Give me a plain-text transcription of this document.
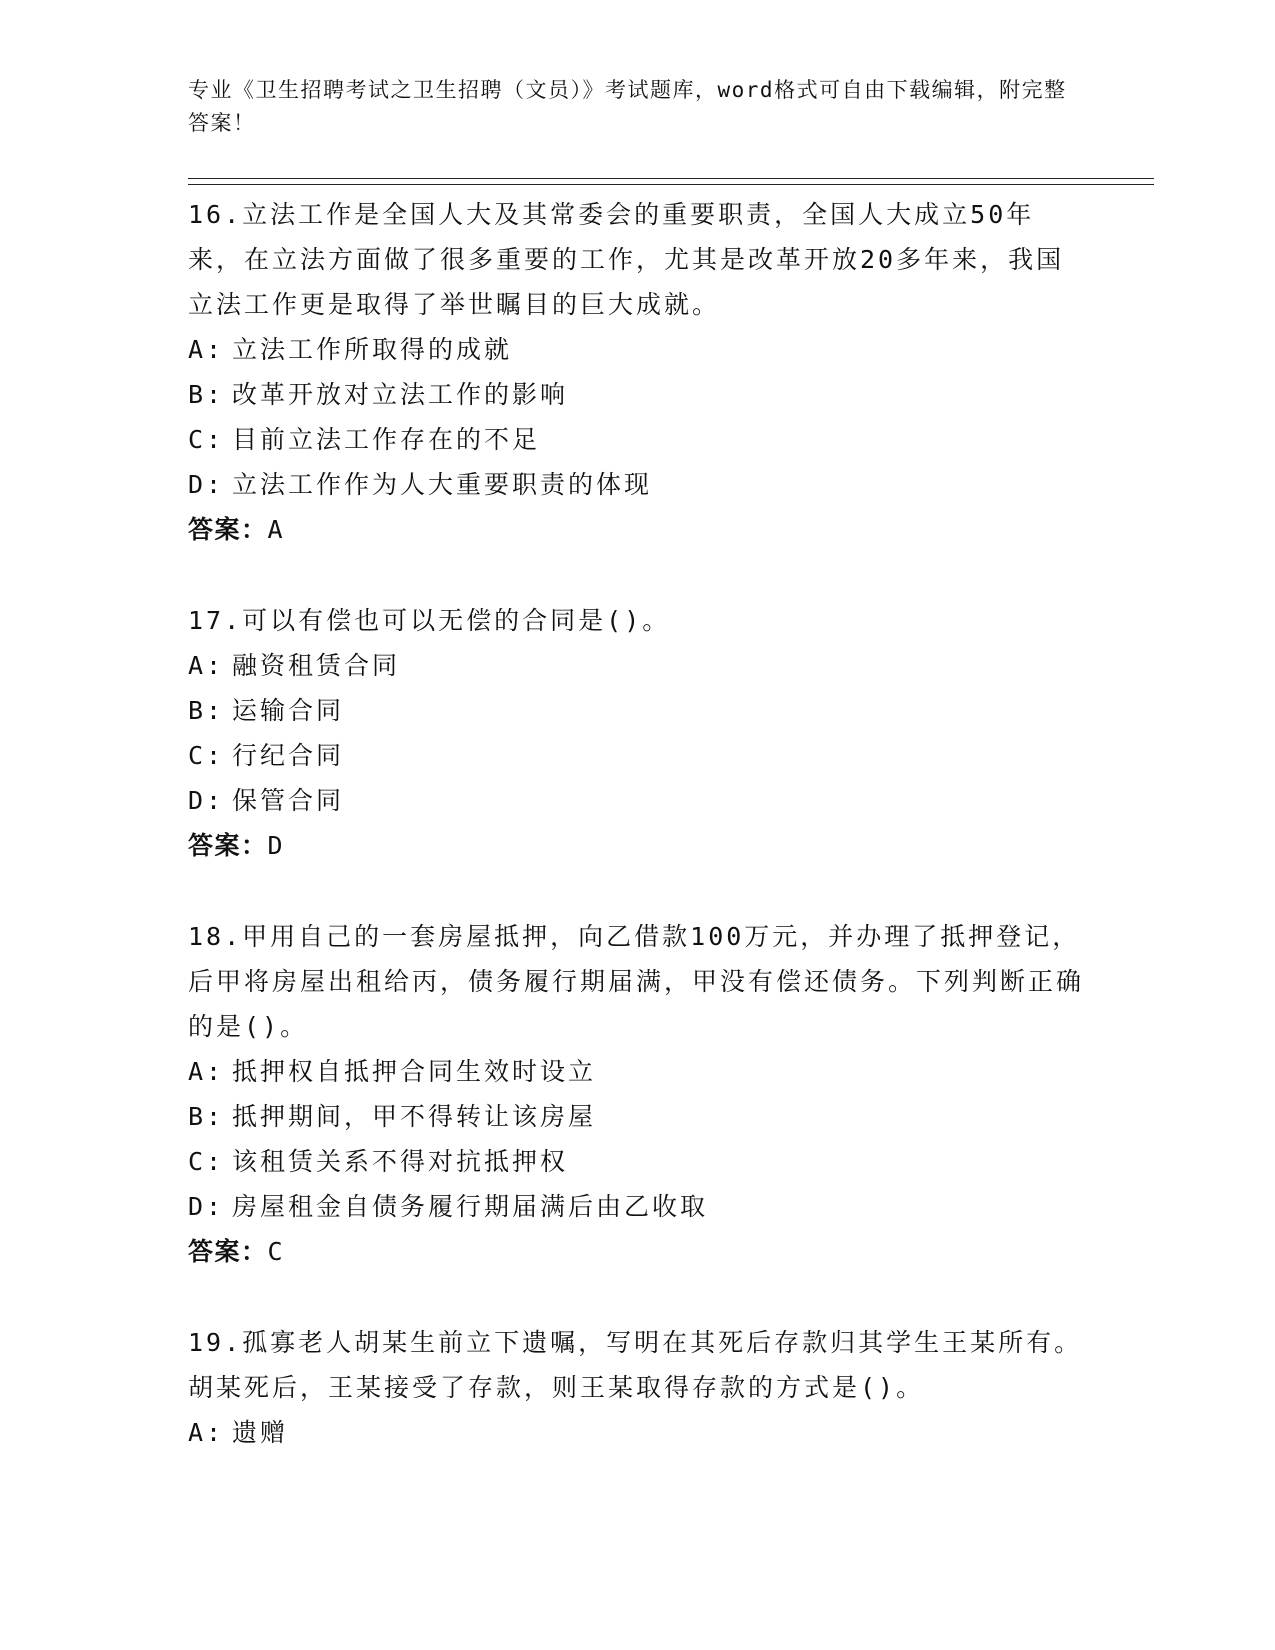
专业《卫生招聘考试之卫生招聘（文员）》考试题库，word格式可自由下载编辑，附完整答案！

16.立法工作是全国人大及其常委会的重要职责，全国人大成立50年来，在立法方面做了很多重要的工作，尤其是改革开放20多年来，我国立法工作更是取得了举世瞩目的巨大成就。

A: 立法工作所取得的成就
B: 改革开放对立法工作的影响
C: 目前立法工作存在的不足
D: 立法工作作为人大重要职责的体现

答案：A

17.可以有偿也可以无偿的合同是()。

A: 融资租赁合同
B: 运输合同
C: 行纪合同
D: 保管合同

答案：D

18.甲用自己的一套房屋抵押，向乙借款100万元，并办理了抵押登记，后甲将房屋出租给丙，债务履行期届满，甲没有偿还债务。下列判断正确的是()。

A: 抵押权自抵押合同生效时设立
B: 抵押期间，甲不得转让该房屋
C: 该租赁关系不得对抗抵押权
D: 房屋租金自债务履行期届满后由乙收取

答案：C

19.孤寡老人胡某生前立下遗嘱，写明在其死后存款归其学生王某所有。胡某死后，王某接受了存款，则王某取得存款的方式是()。

A: 遗赠
